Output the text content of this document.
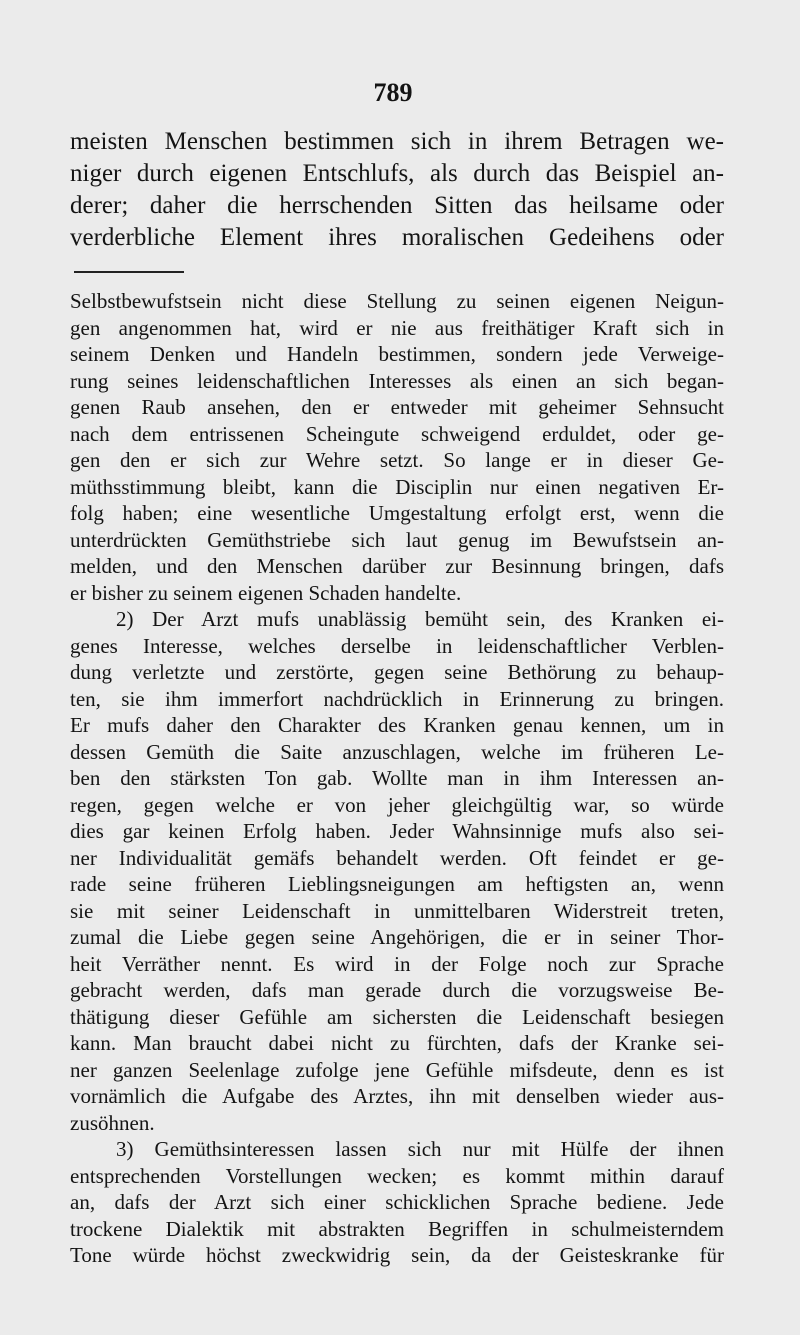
789
meisten Menschen bestimmen sich in ihrem Betragen we-
niger durch eigenen Entschlufs, als durch das Beispiel an-
derer; daher die herrschenden Sitten das heilsame oder
verderbliche Element ihres moralischen Gedeihens oder
Selbstbewufstsein nicht diese Stellung zu seinen eigenen Neigun-
gen angenommen hat, wird er nie aus freithätiger Kraft sich in
seinem Denken und Handeln bestimmen, sondern jede Verweige-
rung seines leidenschaftlichen Interesses als einen an sich began-
genen Raub ansehen, den er entweder mit geheimer Sehnsucht
nach dem entrissenen Scheingute schweigend erduldet, oder ge-
gen den er sich zur Wehre setzt. So lange er in dieser Ge-
müthsstimmung bleibt, kann die Disciplin nur einen negativen Er-
folg haben; eine wesentliche Umgestaltung erfolgt erst, wenn die
unterdrückten Gemüthstriebe sich laut genug im Bewufstsein an-
melden, und den Menschen darüber zur Besinnung bringen, dafs
er bisher zu seinem eigenen Schaden handelte.
2) Der Arzt mufs unablässig bemüht sein, des Kranken ei-
genes Interesse, welches derselbe in leidenschaftlicher Verblen-
dung verletzte und zerstörte, gegen seine Bethörung zu behaup-
ten, sie ihm immerfort nachdrücklich in Erinnerung zu bringen.
Er mufs daher den Charakter des Kranken genau kennen, um in
dessen Gemüth die Saite anzuschlagen, welche im früheren Le-
ben den stärksten Ton gab. Wollte man in ihm Interessen an-
regen, gegen welche er von jeher gleichgültig war, so würde
dies gar keinen Erfolg haben. Jeder Wahnsinnige mufs also sei-
ner Individualität gemäfs behandelt werden. Oft feindet er ge-
rade seine früheren Lieblingsneigungen am heftigsten an, wenn
sie mit seiner Leidenschaft in unmittelbaren Widerstreit treten,
zumal die Liebe gegen seine Angehörigen, die er in seiner Thor-
heit Verräther nennt. Es wird in der Folge noch zur Sprache
gebracht werden, dafs man gerade durch die vorzugsweise Be-
thätigung dieser Gefühle am sichersten die Leidenschaft besiegen
kann. Man braucht dabei nicht zu fürchten, dafs der Kranke sei-
ner ganzen Seelenlage zufolge jene Gefühle mifsdeute, denn es ist
vornämlich die Aufgabe des Arztes, ihn mit denselben wieder aus-
zusöhnen.
3) Gemüthsinteressen lassen sich nur mit Hülfe der ihnen
entsprechenden Vorstellungen wecken; es kommt mithin darauf
an, dafs der Arzt sich einer schicklichen Sprache bediene. Jede
trockene Dialektik mit abstrakten Begriffen in schulmeisterndem
Tone würde höchst zweckwidrig sein, da der Geisteskranke für
